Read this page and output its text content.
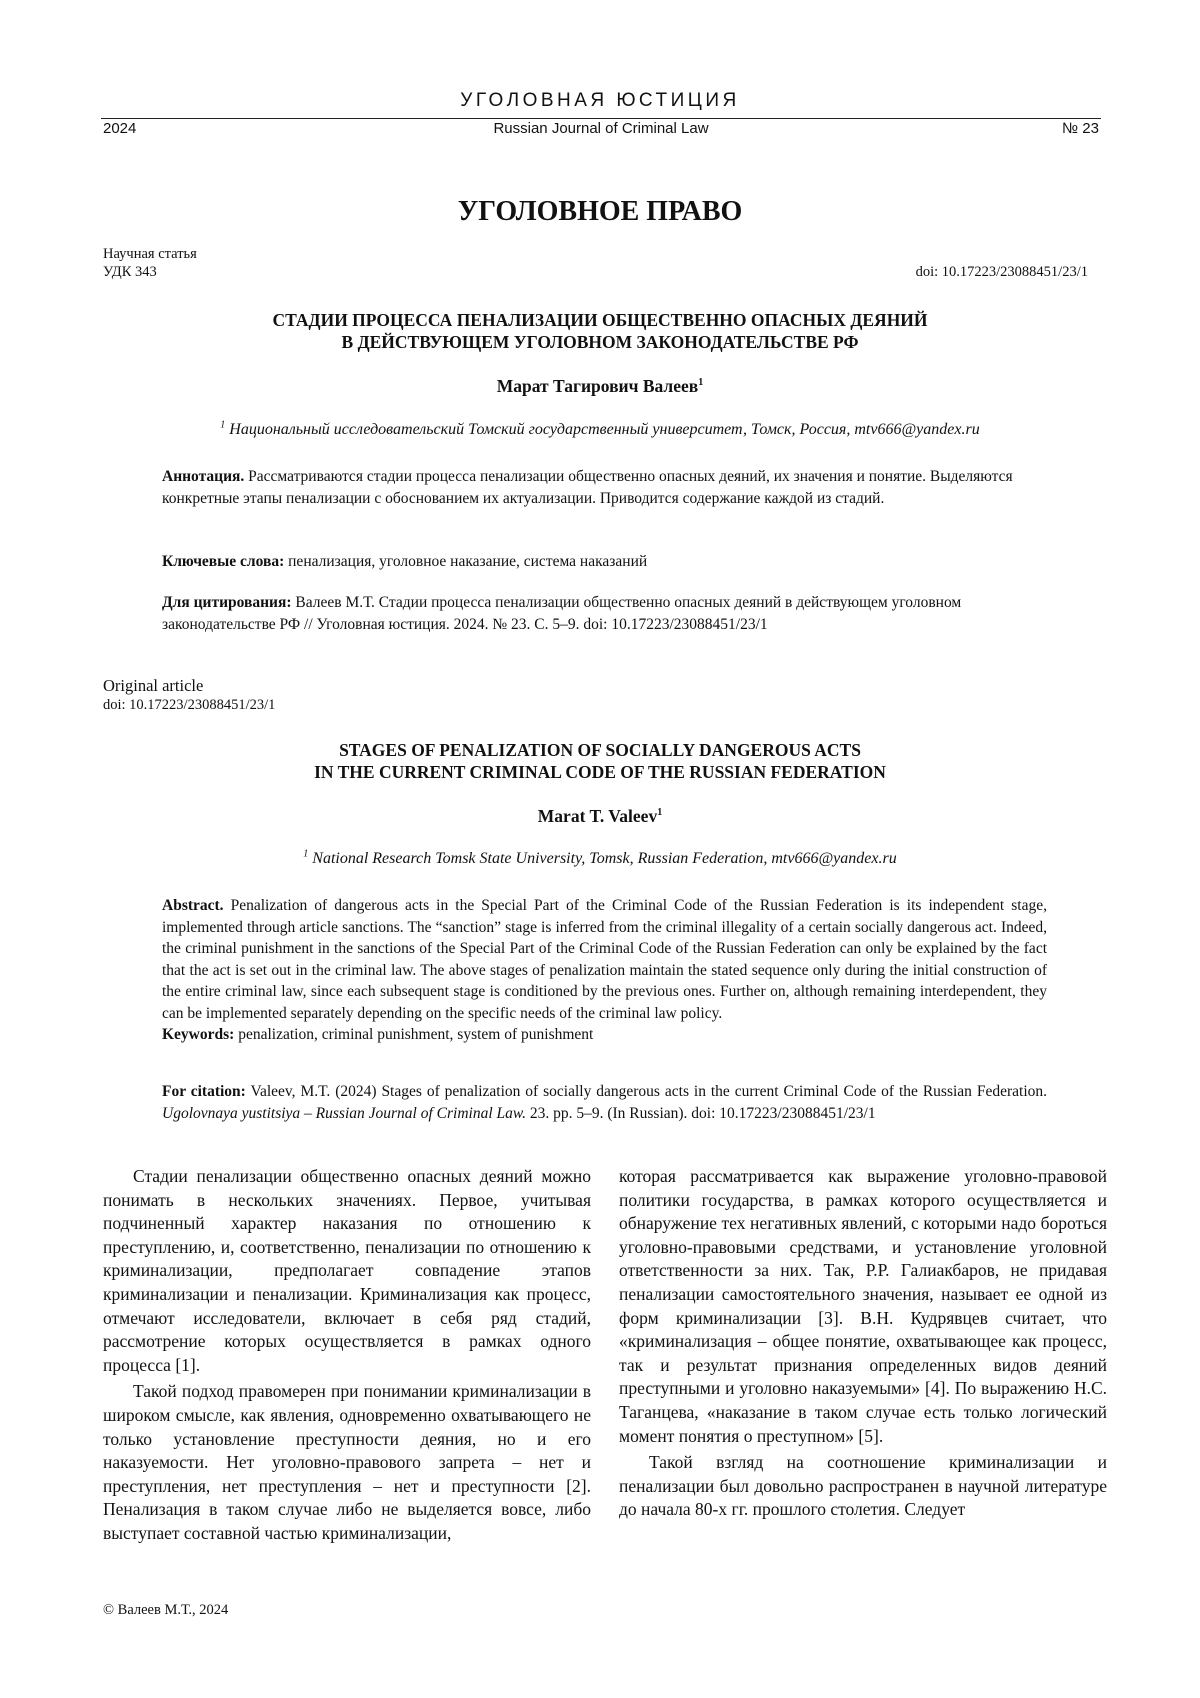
УГОЛОВНАЯ ЮСТИЦИЯ
2024	Russian Journal of Criminal Law	№ 23
УГОЛОВНОЕ ПРАВО
Научная статья
УДК 343	doi: 10.17223/23088451/23/1
СТАДИИ ПРОЦЕССА ПЕНАЛИЗАЦИИ ОБЩЕСТВЕННО ОПАСНЫХ ДЕЯНИЙ
В ДЕЙСТВУЮЩЕМ УГОЛОВНОМ ЗАКОНОДАТЕЛЬСТВЕ РФ
Марат Тагирович Валеев1
1 Национальный исследовательский Томский государственный университет, Томск, Россия, mtv666@yandex.ru
Аннотация. Рассматриваются стадии процесса пенализации общественно опасных деяний, их значения и понятие. Выделяются конкретные этапы пенализации с обоснованием их актуализации. Приводится содержание каждой из стадий.
Ключевые слова: пенализация, уголовное наказание, система наказаний
Для цитирования: Валеев М.Т. Стадии процесса пенализации общественно опасных деяний в действующем уголовном законодательстве РФ // Уголовная юстиция. 2024. № 23. С. 5–9. doi: 10.17223/23088451/23/1
Original article
doi: 10.17223/23088451/23/1
STAGES OF PENALIZATION OF SOCIALLY DANGEROUS ACTS
IN THE CURRENT CRIMINAL CODE OF THE RUSSIAN FEDERATION
Marat T. Valeev1
1 National Research Tomsk State University, Tomsk, Russian Federation, mtv666@yandex.ru
Abstract. Penalization of dangerous acts in the Special Part of the Criminal Code of the Russian Federation is its independent stage, implemented through article sanctions. The “sanction” stage is inferred from the criminal illegality of a certain socially dangerous act. Indeed, the criminal punishment in the sanctions of the Special Part of the Criminal Code of the Russian Federation can only be explained by the fact that the act is set out in the criminal law. The above stages of penalization maintain the stated sequence only during the initial construction of the entire criminal law, since each subsequent stage is conditioned by the previous ones. Further on, although remaining interdependent, they can be implemented separately depending on the specific needs of the criminal law policy.
Keywords: penalization, criminal punishment, system of punishment
For citation: Valeev, M.T. (2024) Stages of penalization of socially dangerous acts in the current Criminal Code of the Russian Federation. Ugolovnaya yustitsiya – Russian Journal of Criminal Law. 23. pp. 5–9. (In Russian). doi: 10.17223/23088451/23/1

Стадии пенализации общественно опасных деяний можно понимать в нескольких значениях. Первое, учитывая подчиненный характер наказания по отношению к преступлению, и, соответственно, пенализации по отношению к криминализации, предполагает совпадение этапов криминализации и пенализации. Криминализация как процесс, отмечают исследователи, включает в себя ряд стадий, рассмотрение которых осуществляется в рамках одного процесса [1].

Такой подход правомерен при понимании криминализации в широком смысле, как явления, одновременно охватывающего не только установление преступности деяния, но и его наказуемости. Нет уголовно-правового запрета – нет и преступления, нет преступления – нет и преступности [2]. Пенализация в таком случае либо не выделяется вовсе, либо выступает составной частью криминализации,

которая рассматривается как выражение уголовно-правовой политики государства, в рамках которого осуществляется и обнаружение тех негативных явлений, с которыми надо бороться уголовно-правовыми средствами, и установление уголовной ответственности за них. Так, Р.Р. Галиакбаров, не придавая пенализации самостоятельного значения, называет ее одной из форм криминализации [3]. В.Н. Кудрявцев считает, что «криминализация – общее понятие, охватывающее как процесс, так и результат признания определенных видов деяний преступными и уголовно наказуемыми» [4]. По выражению Н.С. Таганцева, «наказание в таком случае есть только логический момент понятия о преступном» [5].

Такой взгляд на соотношение криминализации и пенализации был довольно распространен в научной литературе до начала 80-х гг. прошлого столетия. Следует

© Валеев М.Т., 2024
